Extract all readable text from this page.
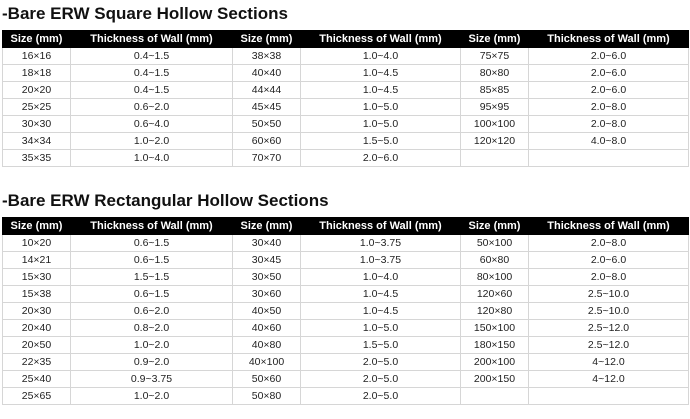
-Bare ERW Square Hollow Sections
Size (mm)	Thickness of Wall (mm)	Size (mm)	Thickness of Wall (mm)	Size (mm)	Thickness of Wall (mm)
16×16	0.4~1.5	38×38	1.0~4.0	75×75	2.0~6.0
18×18	0.4~1.5	40×40	1.0~4.5	80×80	2.0~6.0
20×20	0.4~1.5	44×44	1.0~4.5	85×85	2.0~6.0
25×25	0.6~2.0	45×45	1.0~5.0	95×95	2.0~8.0
30×30	0.6~4.0	50×50	1.0~5.0	100×100	2.0~8.0
34×34	1.0~2.0	60×60	1.5~5.0	120×120	4.0~8.0
35×35	1.0~4.0	70×70	2.0~6.0		
-Bare ERW Rectangular Hollow Sections
Size (mm)	Thickness of Wall (mm)	Size (mm)	Thickness of Wall (mm)	Size (mm)	Thickness of Wall (mm)
10×20	0.6~1.5	30×40	1.0~3.75	50×100	2.0~8.0
14×21	0.6~1.5	30×45	1.0~3.75	60×80	2.0~6.0
15×30	1.5~1.5	30×50	1.0~4.0	80×100	2.0~8.0
15×38	0.6~1.5	30×60	1.0~4.5	120×60	2.5~10.0
20×30	0.6~2.0	40×50	1.0~4.5	120×80	2.5~10.0
20×40	0.8~2.0	40×60	1.0~5.0	150×100	2.5~12.0
20×50	1.0~2.0	40×80	1.5~5.0	180×150	2.5~12.0
22×35	0.9~2.0	40×100	2.0~5.0	200×100	4~12.0
25×40	0.9~3.75	50×60	2.0~5.0	200×150	4~12.0
25×65	1.0~2.0	50×80	2.0~5.0		
